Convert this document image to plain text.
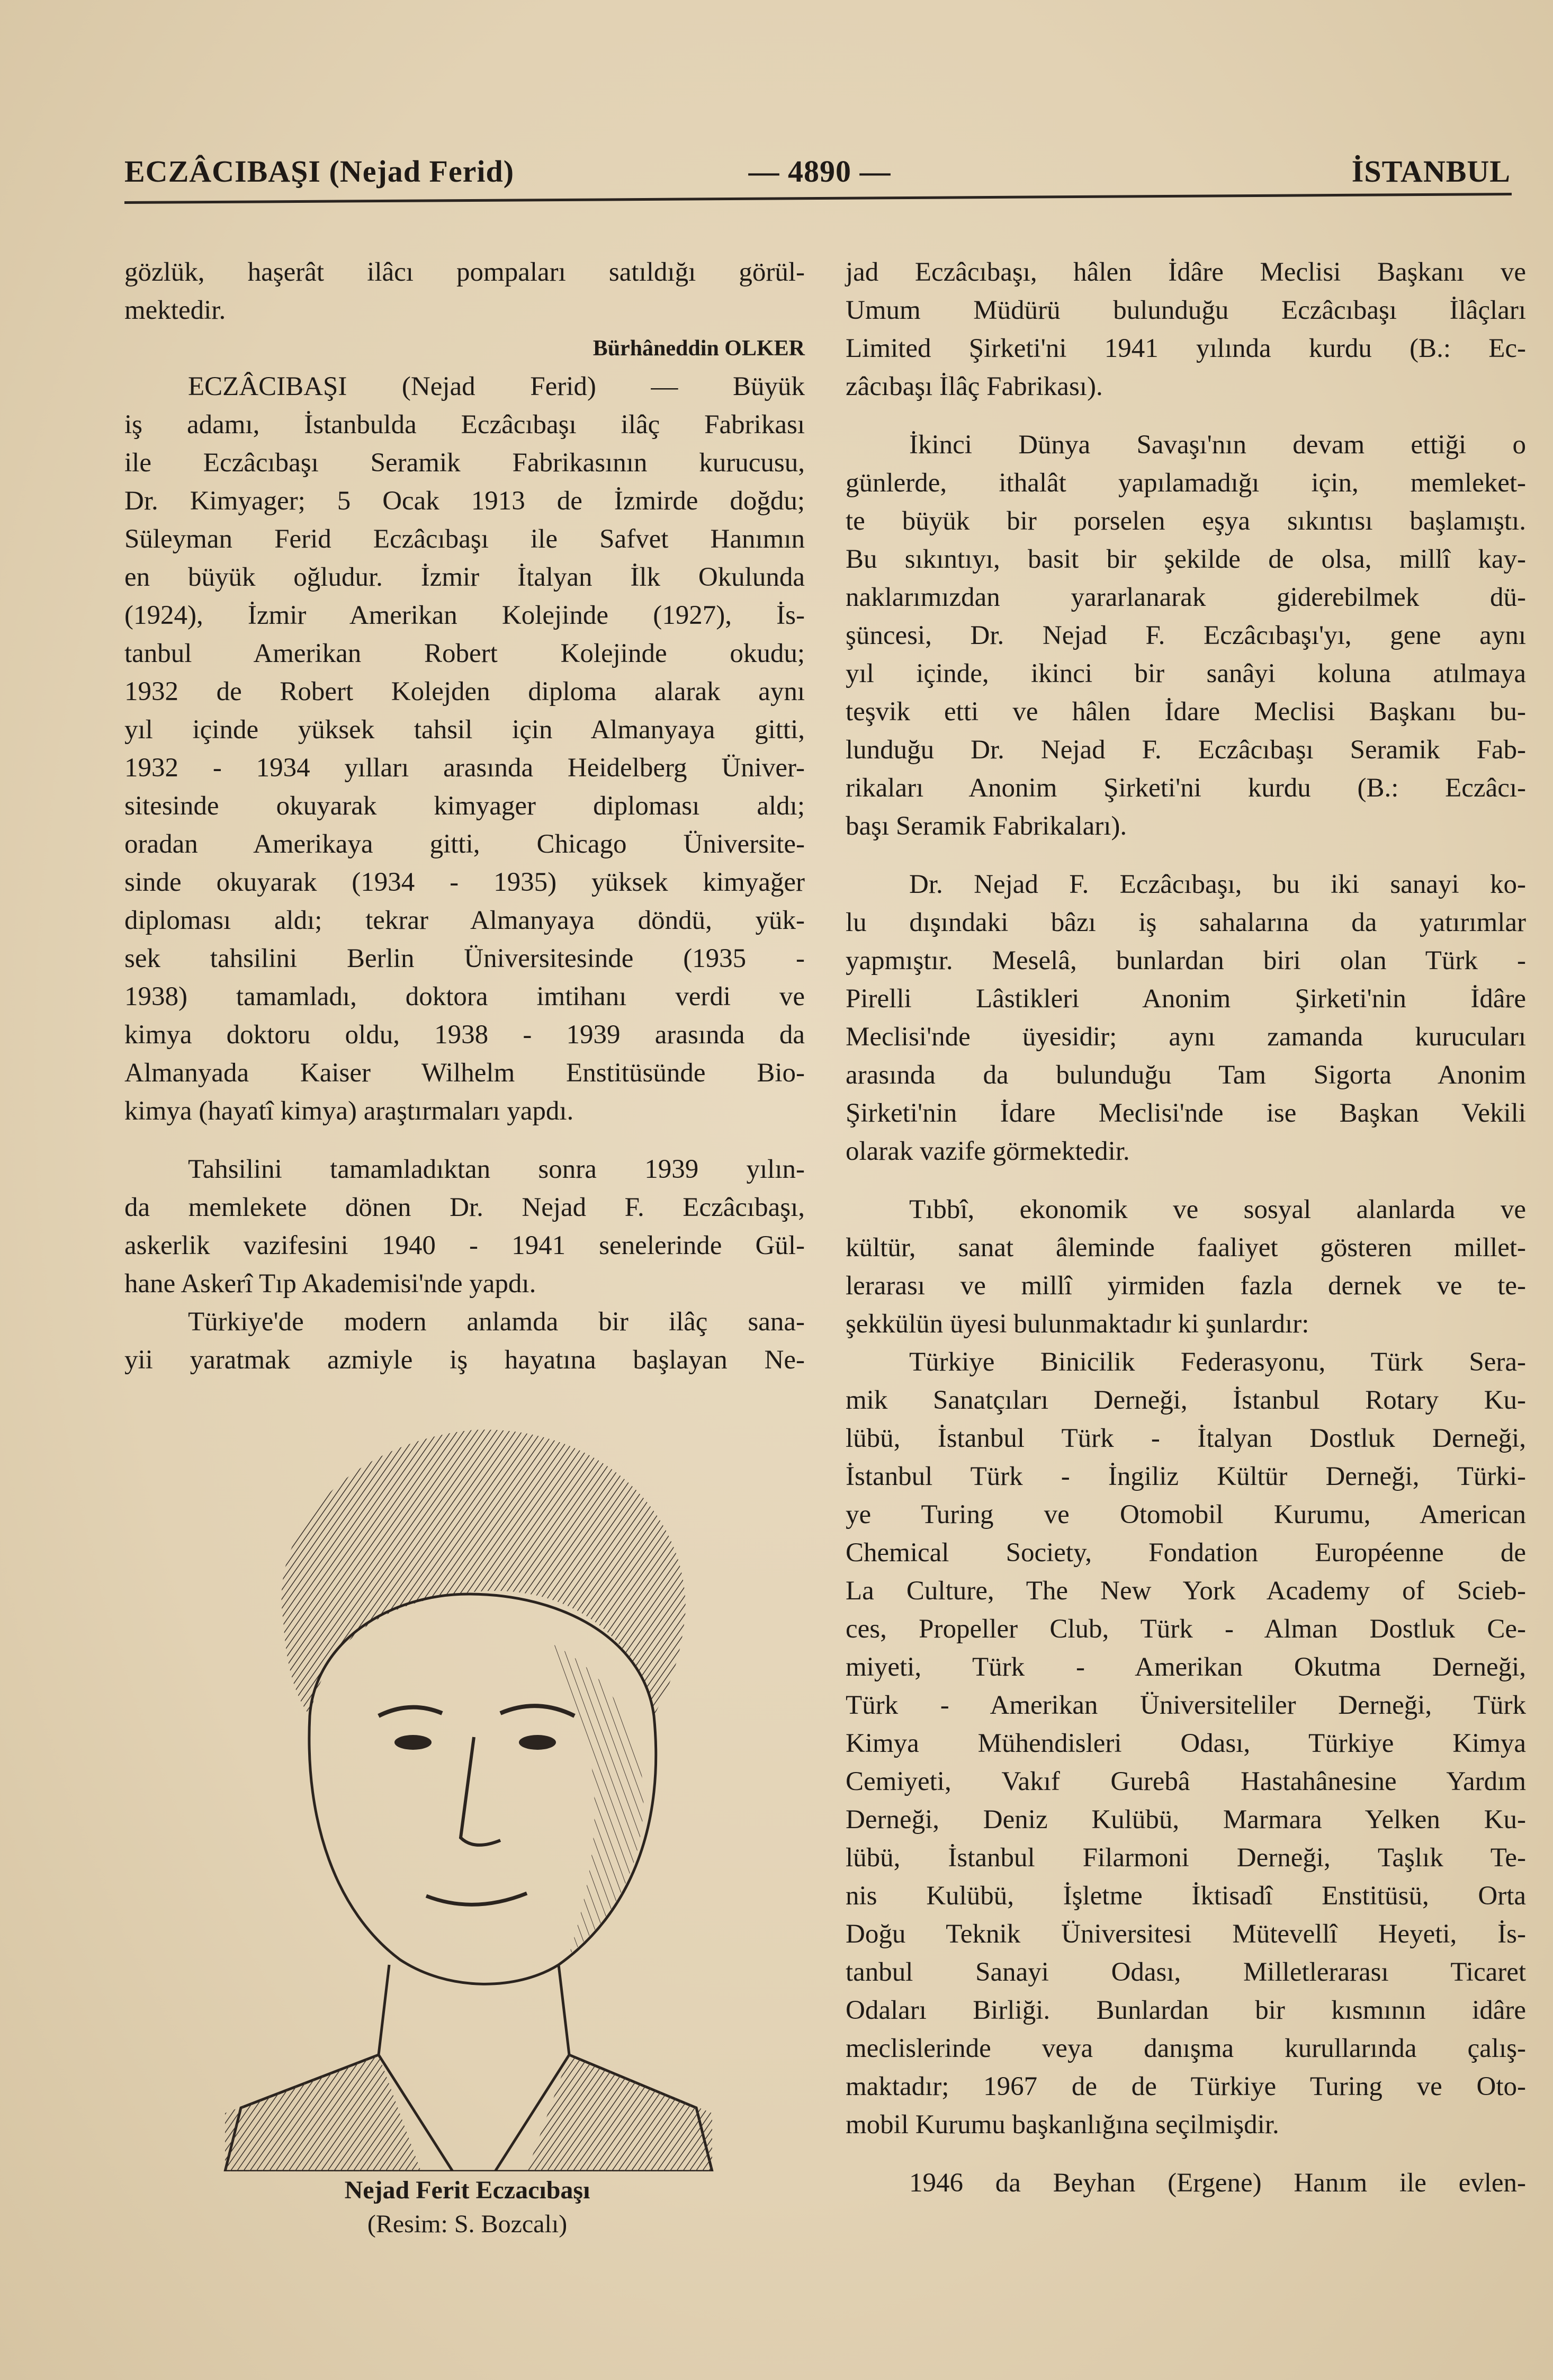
ECZÂCIBAŞI (Nejad Ferid)	— 4890 —	İSTANBUL
gözlük, haşerât ilâcı pompaları satıldığı görül-
mektedir.
Bürhâneddin OLKER
ECZÂCIBAŞI (Nejad Ferid) — Büyük
iş adamı, İstanbulda Eczâcıbaşı ilâç Fabrikası
ile Eczâcıbaşı Seramik Fabrikasının kurucusu,
Dr. Kimyager; 5 Ocak 1913 de İzmirde doğdu;
Süleyman Ferid Eczâcıbaşı ile Safvet Hanımın
en büyük oğludur. İzmir İtalyan İlk Okulunda
(1924), İzmir Amerikan Kolejinde (1927), İs-
tanbul Amerikan Robert Kolejinde okudu;
1932 de Robert Kolejden diploma alarak aynı
yıl içinde yüksek tahsil için Almanyaya gitti,
1932 - 1934 yılları arasında Heidelberg Üniver-
sitesinde okuyarak kimyager diploması aldı;
oradan Amerikaya gitti, Chicago Üniversite-
sinde okuyarak (1934 - 1935) yüksek kimyağer
diploması aldı; tekrar Almanyaya döndü, yük-
sek tahsilini Berlin Üniversitesinde (1935 -
1938) tamamladı, doktora imtihanı verdi ve
kimya doktoru oldu, 1938 - 1939 arasında da
Almanyada Kaiser Wilhelm Enstitüsünde Bio-
kimya (hayatî kimya) araştırmaları yapdı.
Tahsilini tamamladıktan sonra 1939 yılın-
da memlekete dönen Dr. Nejad F. Eczâcıbaşı,
askerlik vazifesini 1940 - 1941 senelerinde Gül-
hane Askerî Tıp Akademisi'nde yapdı.
Türkiye'de modern anlamda bir ilâç sana-
yii yaratmak azmiyle iş hayatına başlayan Ne-
jad Eczâcıbaşı, hâlen İdâre Meclisi Başkanı ve
Umum Müdürü bulunduğu Eczâcıbaşı İlâçları
Limited Şirketi'ni 1941 yılında kurdu (B.: Ec-
zâcıbaşı İlâç Fabrikası).
İkinci Dünya Savaşı'nın devam ettiği o
günlerde, ithalât yapılamadığı için, memleket-
te büyük bir porselen eşya sıkıntısı başlamıştı.
Bu sıkıntıyı, basit bir şekilde de olsa, millî kay-
naklarımızdan yararlanarak giderebilmek dü-
şüncesi, Dr. Nejad F. Eczâcıbaşı'yı, gene aynı
yıl içinde, ikinci bir sanâyi koluna atılmaya
teşvik etti ve hâlen İdare Meclisi Başkanı bu-
lunduğu Dr. Nejad F. Eczâcıbaşı Seramik Fab-
rikaları Anonim Şirketi'ni kurdu (B.: Eczâcı-
başı Seramik Fabrikaları).
Dr. Nejad F. Eczâcıbaşı, bu iki sanayi ko-
lu dışındaki bâzı iş sahalarına da yatırımlar
yapmıştır. Meselâ, bunlardan biri olan Türk -
Pirelli Lâstikleri Anonim Şirketi'nin İdâre
Meclisi'nde üyesidir; aynı zamanda kurucuları
arasında da bulunduğu Tam Sigorta Anonim
Şirketi'nin İdare Meclisi'nde ise Başkan Vekili
olarak vazife görmektedir.
Tıbbî, ekonomik ve sosyal alanlarda ve
kültür, sanat âleminde faaliyet gösteren millet-
lerarası ve millî yirmiden fazla dernek ve te-
şekkülün üyesi bulunmaktadır ki şunlardır:
Türkiye Binicilik Federasyonu, Türk Sera-
mik Sanatçıları Derneği, İstanbul Rotary Ku-
lübü, İstanbul Türk - İtalyan Dostluk Derneği,
İstanbul Türk - İngiliz Kültür Derneği, Türki-
ye Turing ve Otomobil Kurumu, American
Chemical Society, Fondation Européenne de
La Culture, The New York Academy of Scieb-
ces, Propeller Club, Türk - Alman Dostluk Ce-
miyeti, Türk - Amerikan Okutma Derneği,
Türk - Amerikan Üniversiteliler Derneği, Türk
Kimya Mühendisleri Odası, Türkiye Kimya
Cemiyeti, Vakıf Gurebâ Hastahânesine Yardım
Derneği, Deniz Kulübü, Marmara Yelken Ku-
lübü, İstanbul Filarmoni Derneği, Taşlık Te-
nis Kulübü, İşletme İktisadî Enstitüsü, Orta
Doğu Teknik Üniversitesi Mütevellî Heyeti, İs-
tanbul Sanayi Odası, Milletlerarası Ticaret
Odaları Birliği. Bunlardan bir kısmının idâre
meclislerinde veya danışma kurullarında çalış-
maktadır; 1967 de de Türkiye Turing ve Oto-
mobil Kurumu başkanlığına seçilmişdir.
1946 da Beyhan (Ergene) Hanım ile evlen-
Nejad Ferit Eczacıbaşı
(Resim: S. Bozcalı)
